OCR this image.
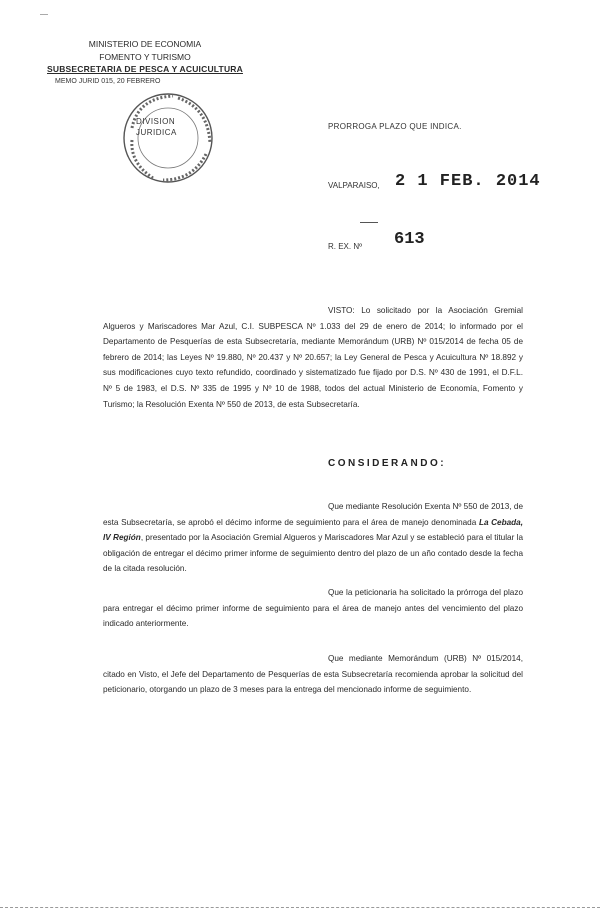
MINISTERIO DE ECONOMIA
FOMENTO Y TURISMO
SUBSECRETARIA DE PESCA Y ACUICULTURA
MEMO JURID 015, 20 FEBRERO
DIVISION
JURIDICA
PRORROGA PLAZO QUE INDICA.
VALPARAISO, 2 1 FEB. 2014
R. EX. Nº 613
VISTO: Lo solicitado por la Asociación Gremial Algueros y Mariscadores Mar Azul, C.I. SUBPESCA Nº 1.033 del 29 de enero de 2014; lo informado por el Departamento de Pesquerías de esta Subsecretaría, mediante Memorándum (URB) Nº 015/2014 de fecha 05 de febrero de 2014; las Leyes Nº 19.880, Nº 20.437 y Nº 20.657; la Ley General de Pesca y Acuicultura Nº 18.892 y sus modificaciones cuyo texto refundido, coordinado y sistematizado fue fijado por D.S. Nº 430 de 1991, el D.F.L. Nº 5 de 1983, el D.S. Nº 335 de 1995 y Nº 10 de 1988, todos del actual Ministerio de Economía, Fomento y Turismo; la Resolución Exenta Nº 550 de 2013, de esta Subsecretaría.
CONSIDERANDO:
Que mediante Resolución Exenta Nº 550 de 2013, de esta Subsecretaría, se aprobó el décimo informe de seguimiento para el área de manejo denominada La Cebada, IV Región, presentado por la Asociación Gremial Algueros y Mariscadores Mar Azul y se estableció para el titular la obligación de entregar el décimo primer informe de seguimiento dentro del plazo de un año contado desde la fecha de la citada resolución.
Que la peticionaria ha solicitado la prórroga del plazo para entregar el décimo primer informe de seguimiento para el área de manejo antes del vencimiento del plazo indicado anteriormente.
Que mediante Memorándum (URB) Nº 015/2014, citado en Visto, el Jefe del Departamento de Pesquerías de esta Subsecretaría recomienda aprobar la solicitud del peticionario, otorgando un plazo de 3 meses para la entrega del mencionado informe de seguimiento.
